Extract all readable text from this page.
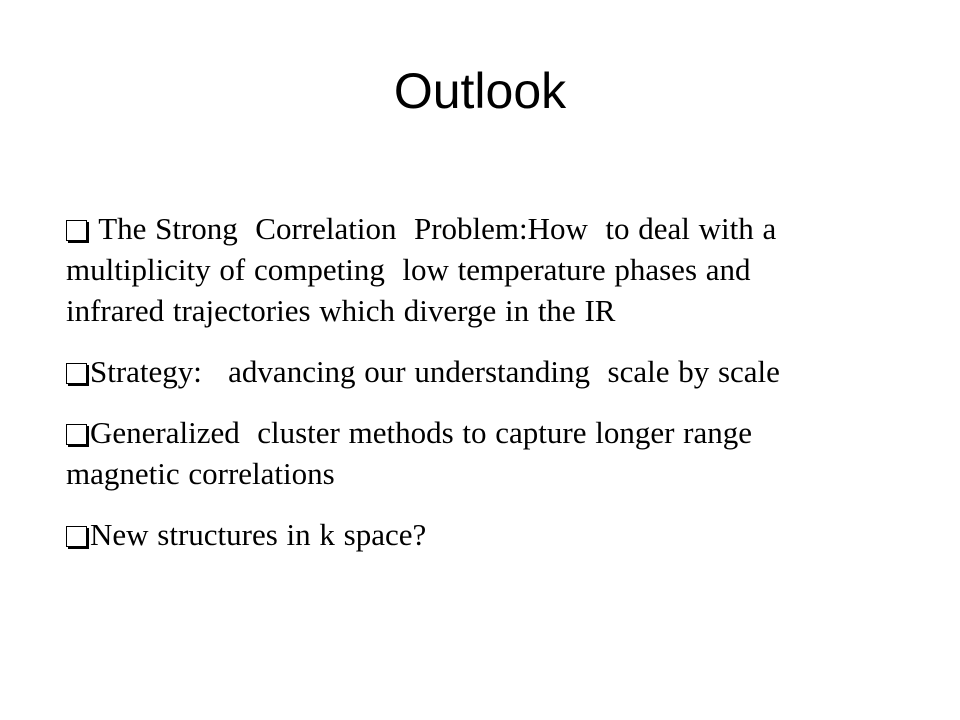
Outlook
The Strong  Correlation  Problem:How  to deal with a multiplicity of competing  low temperature phases and infrared trajectories which diverge in the IR
Strategy:   advancing our understanding  scale by scale
Generalized  cluster methods to capture longer range magnetic correlations
New structures in k space?
